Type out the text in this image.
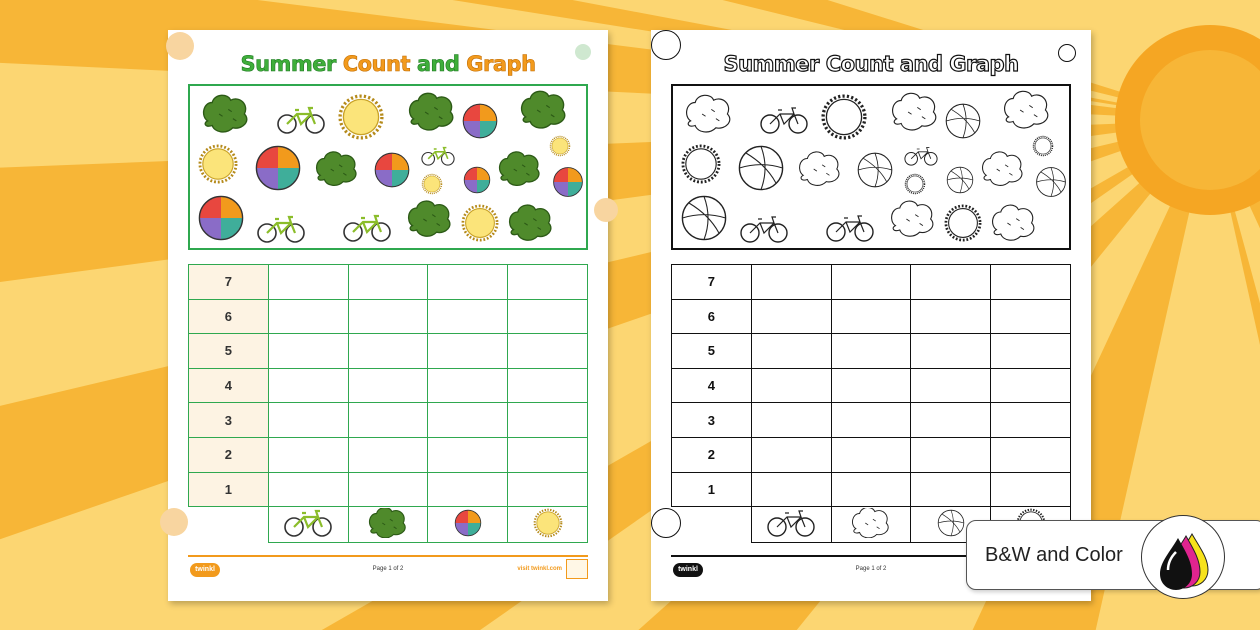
Summer Count and Graph
7				
6				
5				
4				
3				
2				
1				

twinkl	Page 1 of 2	visit twinkl.com
Summer Count and Graph
7				
6				
5				
4				
3				
2				
1				

twinkl	Page 1 of 2
B&W and Color
